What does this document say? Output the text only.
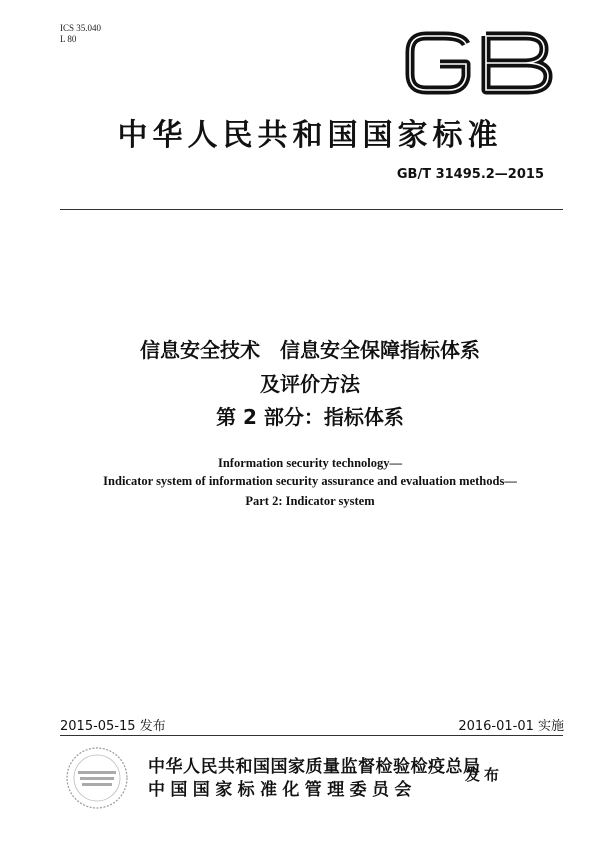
ICS 35.040
L 80
中华人民共和国国家标准
GB/T 31495.2—2015
信息安全技术　信息安全保障指标体系
及评价方法
第 2 部分：指标体系
Information security technology—
Indicator system of information security assurance and evaluation methods—
Part 2: Indicator system
2015-05-15 发布	2016-01-01 实施
中华人民共和国国家质量监督检验检疫总局
中国国家标准化管理委员会
发布
